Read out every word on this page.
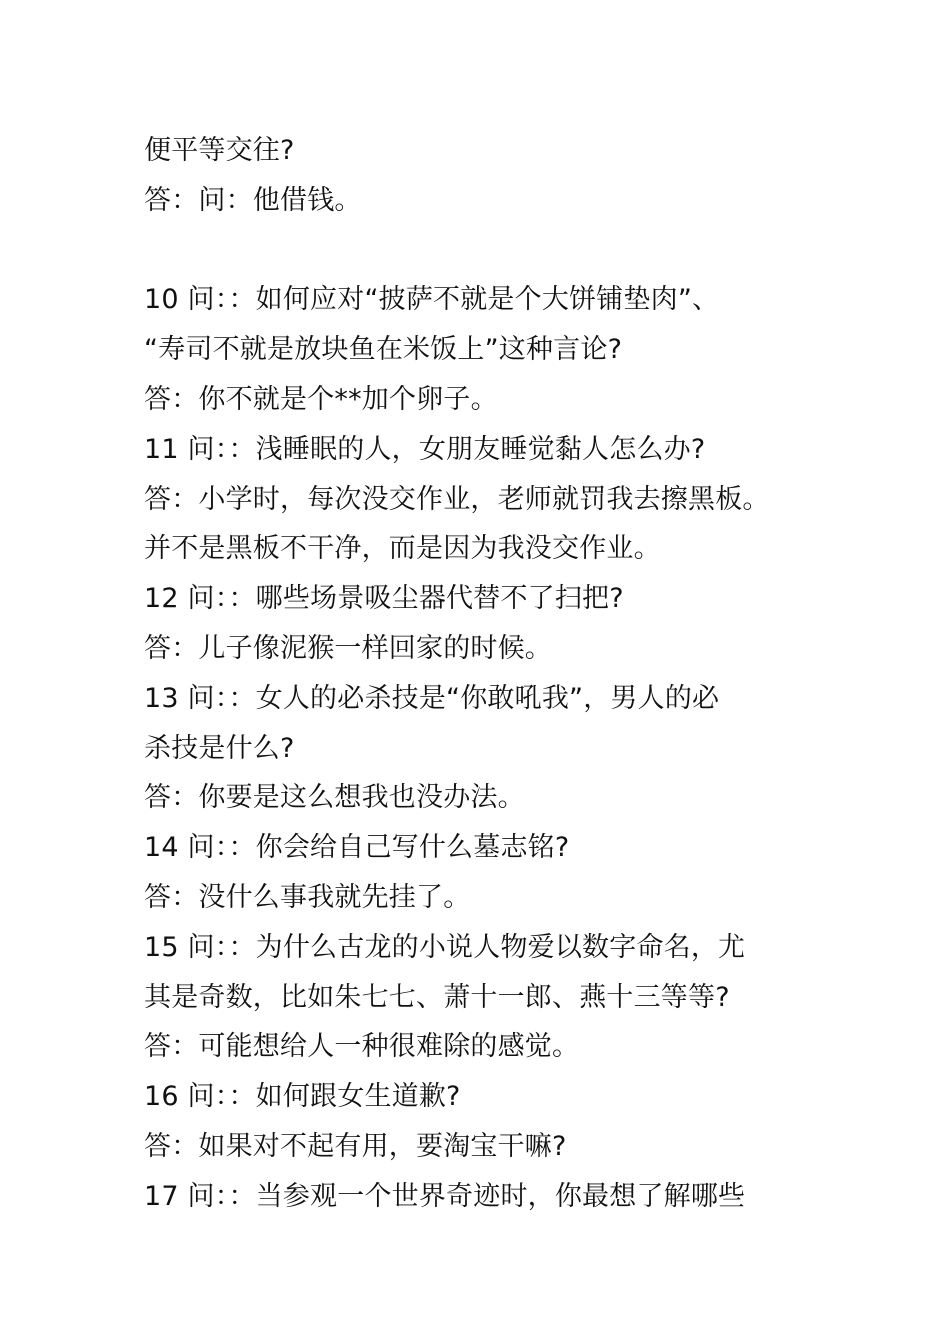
便平等交往?
答：问：他借钱。
10 问：：如何应对“披萨不就是个大饼铺垫肉”、
“寿司不就是放块鱼在米饭上”这种言论?
答：你不就是个**加个卵子。
11 问：：浅睡眠的人，女朋友睡觉黏人怎么办?
答：小学时，每次没交作业，老师就罚我去擦黑板。
并不是黑板不干净，而是因为我没交作业。
12 问：：哪些场景吸尘器代替不了扫把?
答：儿子像泥猴一样回家的时候。
13 问：：女人的必杀技是“你敢吼我”，男人的必
杀技是什么?
答：你要是这么想我也没办法。
14 问：：你会给自己写什么墓志铭?
答：没什么事我就先挂了。
15 问：：为什么古龙的小说人物爱以数字命名，尤
其是奇数，比如朱七七、萧十一郎、燕十三等等?
答：可能想给人一种很难除的感觉。
16 问：：如何跟女生道歉?
答：如果对不起有用，要淘宝干嘛?
17 问：：当参观一个世界奇迹时，你最想了解哪些
